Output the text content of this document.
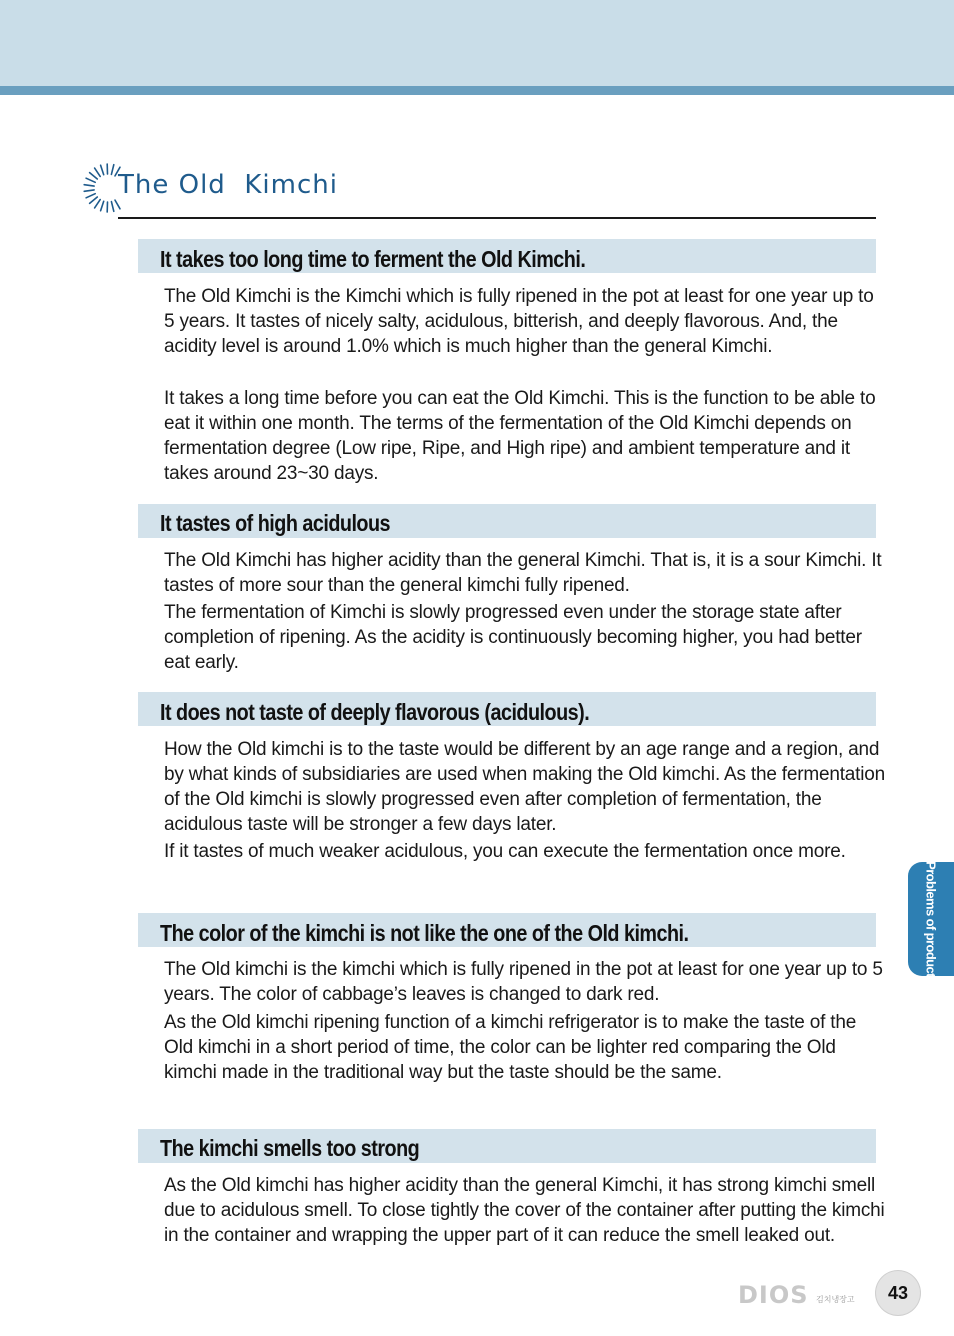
The Old  Kimchi
It takes too long time to ferment the Old Kimchi.

The Old Kimchi is the Kimchi which is fully ripened in the pot at least for one year up to 5 years. It tastes of nicely salty, acidulous, bitterish, and deeply flavorous. And, the acidity level is around 1.0% which is much higher than the general Kimchi.

It takes a long time before you can eat the Old Kimchi. This is the function to be able to eat it within one month. The terms of the fermentation of the Old Kimchi depends on fermentation degree (Low ripe, Ripe, and High ripe) and ambient temperature and it takes around 23~30 days.

It tastes of high acidulous

The Old Kimchi has higher acidity than the general Kimchi. That is, it is a sour Kimchi. It tastes of more sour than the general kimchi fully ripened.

The fermentation of Kimchi is slowly progressed even under the storage state after completion of ripening. As the acidity is continuously becoming higher, you had better eat early.

It does not taste of deeply flavorous (acidulous).

How the Old kimchi is to the taste would be different by an age range and a region, and by what kinds of subsidiaries are used when making the Old kimchi. As the fermentation of the Old kimchi is slowly progressed even after completion of fermentation, the acidulous taste will be stronger a few days later.

If it tastes of much weaker acidulous, you can execute the fermentation once more.

The color of the kimchi is not like the one of the Old kimchi.

The Old kimchi is the kimchi which is fully ripened in the pot at least for one year up to 5 years. The color of cabbage’s leaves is changed to dark red.

As the Old kimchi ripening function of a kimchi refrigerator is to make the taste of the Old kimchi in a short period of time, the color can be lighter red comparing the Old kimchi made in the traditional way but the taste should be the same.

The kimchi smells too strong

As the Old kimchi has higher acidity than the general Kimchi, it has strong kimchi smell due to acidulous smell. To close tightly the cover of the container after putting the kimchi in the container and wrapping the upper part of it can reduce the smell leaked out.

Problems of product
DIOS 김치냉장고	43
